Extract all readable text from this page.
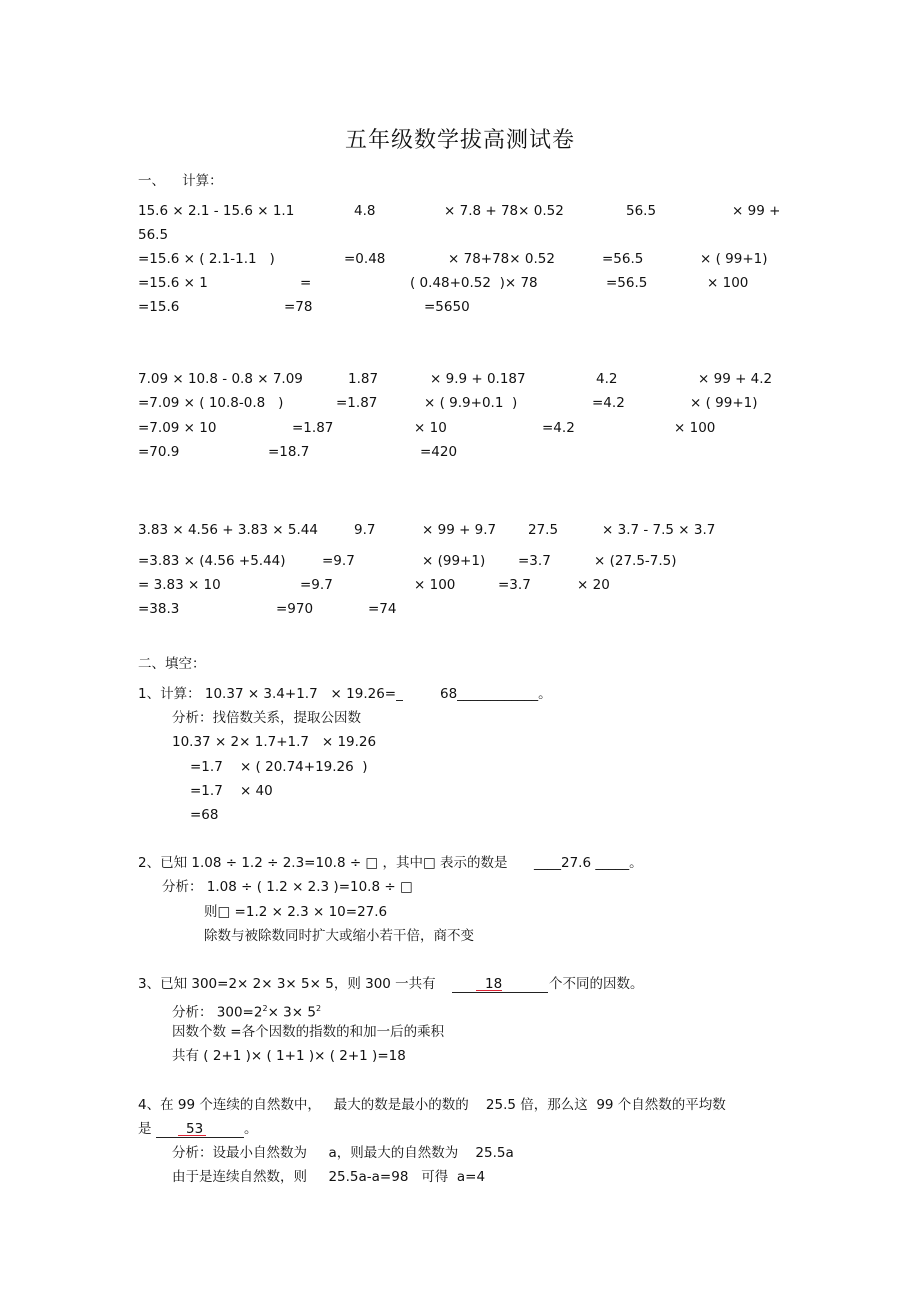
五年级数学拔高测试卷
一、    计算：
15.6 × 2.1 - 15.6 × 1.1	4.8	× 7.8 + 78× 0.52	56.5	× 99 +
56.5
=15.6 × ( 2.1-1.1   )	=0.48	× 78+78× 0.52	=56.5	× ( 99+1)
=15.6 × 1	=	( 0.48+0.52  )× 78	=56.5	× 100
=15.6	=78	=5650
7.09 × 10.8 - 0.8 × 7.09	1.87	× 9.9 + 0.187	4.2	× 99 + 4.2
=7.09 × ( 10.8-0.8   )	=1.87	× ( 9.9+0.1  )	=4.2	× ( 99+1)
=7.09 × 10	=1.87	× 10	=4.2	× 100
=70.9	=18.7	=420
3.83 × 4.56 + 3.83 × 5.44	9.7	× 99 + 9.7 27.5	× 3.7 - 7.5 × 3.7
=3.83 × (4.56 +5.44)	=9.7	× (99+1) =3.7	× (27.5-7.5)
= 3.83 × 10	=9.7	× 100	=3.7	× 20
=38.3	=970	=74
二、填空：
1、计算： 10.37 × 3.4+1.7   × 19.26=_	68____________。
分析：找倍数关系，提取公因数
10.37 × 2× 1.7+1.7   × 19.26
=1.7    × ( 20.74+19.26  )
=1.7    × 40
=68
2、已知 1.08 ÷ 1.2 ÷ 2.3=10.8 ÷ □ ，其中□ 表示的数是 ____27.6 _____。
分析： 1.08 ÷ ( 1.2 × 2.3 )=10.8 ÷ □
则□ =1.2 × 2.3 × 10=27.6
除数与被除数同时扩大或缩小若干倍，商不变
3、已知 300=2× 2× 3× 5× 5，则 300 一共有	18	个不同的因数。
分析： $300=2^2\times 3\times 5^2$
因数个数 =各个因数的指数的和加一后的乘积
共有 ( 2+1 )× ( 1+1 )× ( 2+1 )=18
4、在 99 个连续的自然数中，   最大的数是最小的数的    25.5 倍，那么这  99 个自然数的平均数
是	53	。
分析：设最小自然数为     a，则最大的自然数为    25.5a
由于是连续自然数，则     25.5a-a=98   可得  a=4
